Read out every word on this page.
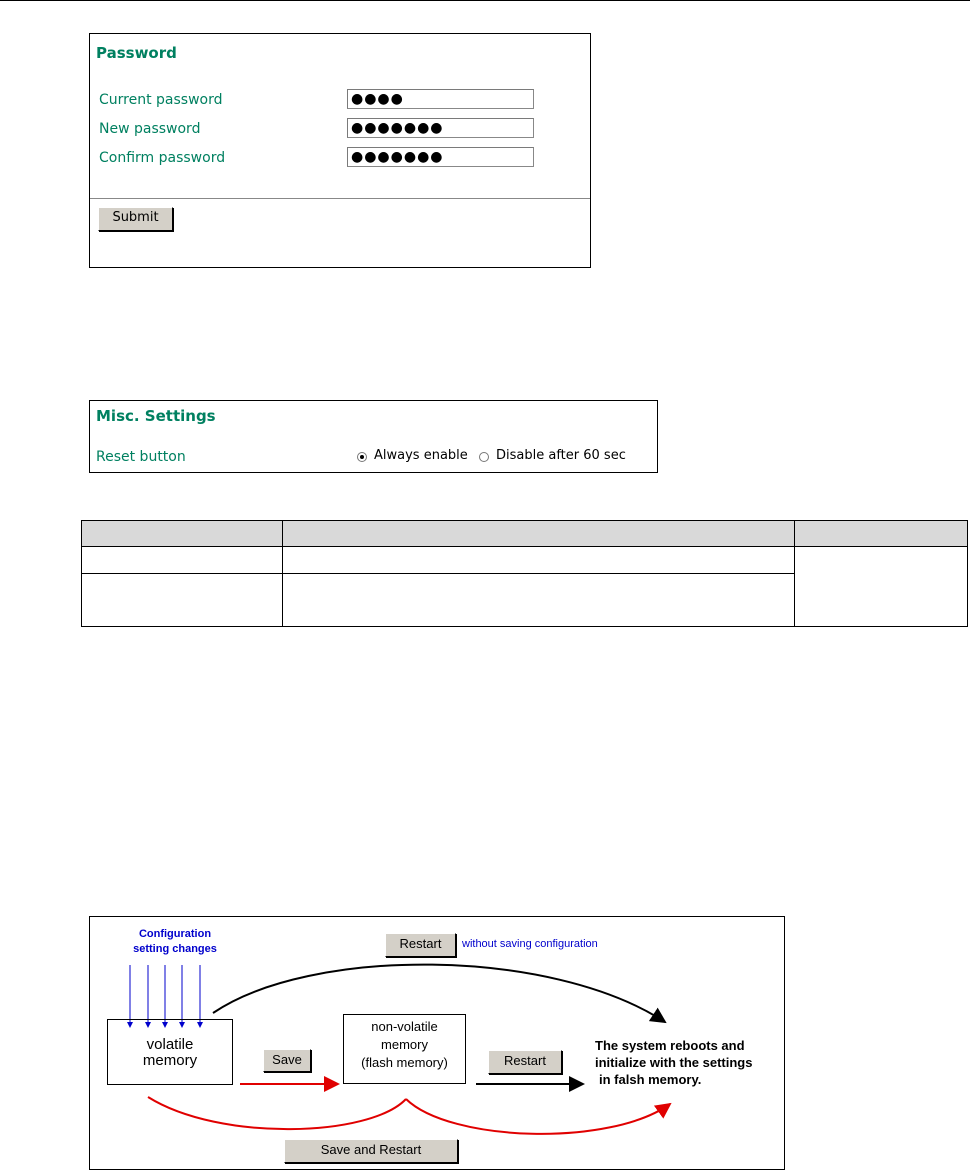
Password
Current password	●●●●
New password	●●●●●●●
Confirm password	●●●●●●●
Submit
Misc. Settings
Reset button	Always enable Disable after 60 sec

Configuration setting changes	Restart	without saving configuration
volatile
memory	Save
non-volatile
memory
(flash memory)	Restart
The system reboots and
initialize with the settings
in falsh memory.
Save and Restart
